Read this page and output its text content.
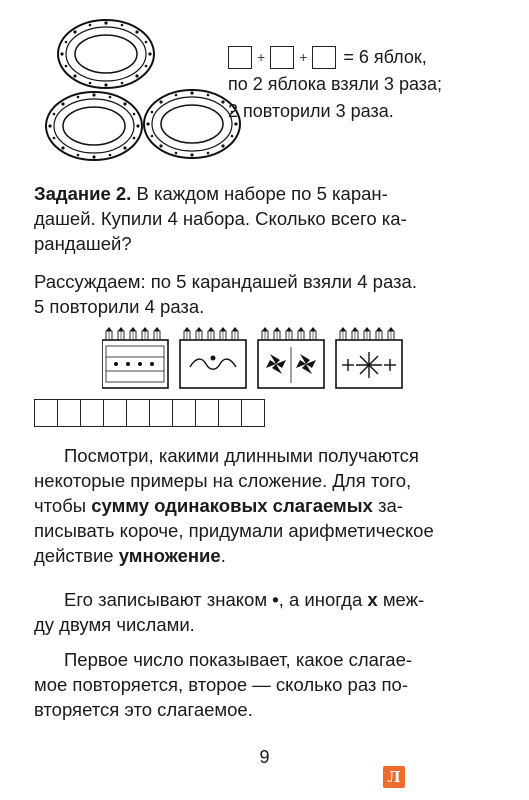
+ + = 6 яблок,
по 2 яблока взяли 3 раза;
2 повторили 3 раза.
Задание 2. В каждом наборе по 5 каран-
дашей. Купили 4 набора. Сколько всего ка-
рандашей?
Рассуждаем: по 5 карандашей взяли 4 раза.
5 повторили 4 раза.
Посмотри, какими длинными получаются
некоторые примеры на сложение. Для того,
чтобы сумму одинаковых слагаемых за-
писывать короче, придумали арифметическое
действие умножение.
Его записывают знаком •, а иногда x меж-
ду двумя числами.
Первое число показывает, какое слагае-
мое повторяется, второе — сколько раз по-
вторяется это слагаемое.
9
Л
